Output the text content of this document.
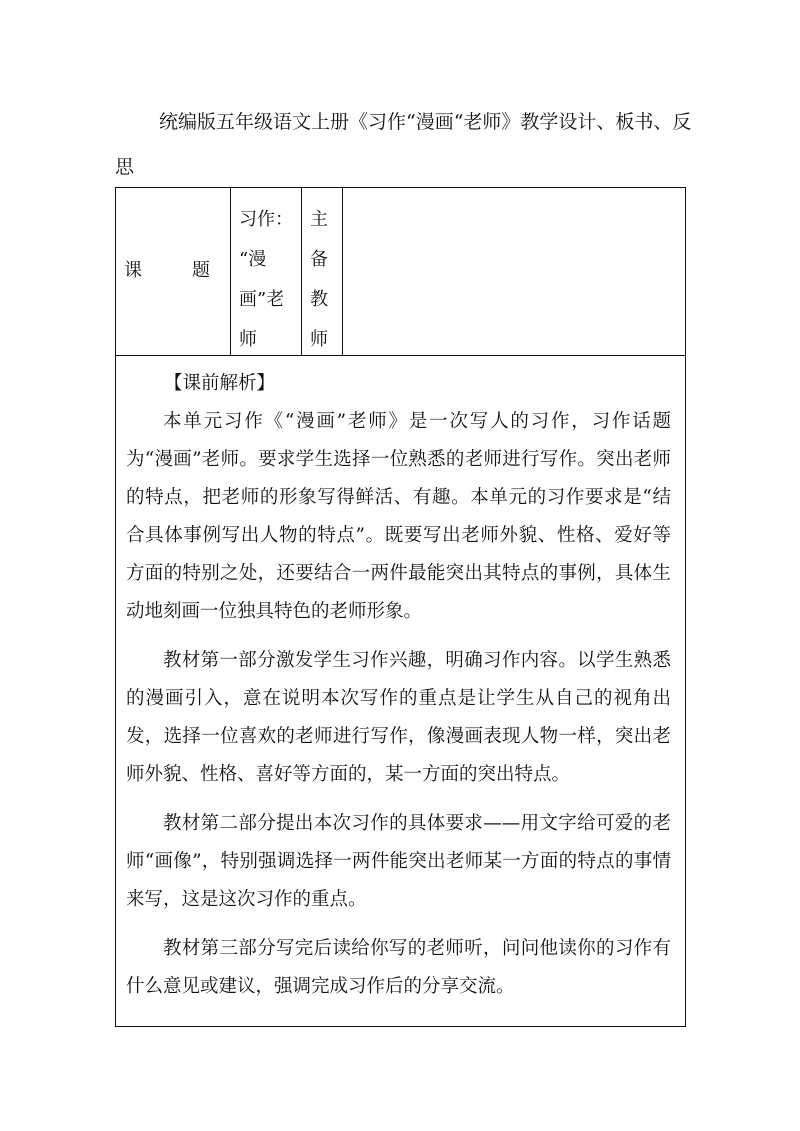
统编版五年级语文上册《习作“漫画“老师》教学设计、板书、反思
课	题
习作：
“漫
画”老
师
主
备
教
师

【课前解析】

本单元习作《“漫画”老师》是一次写人的习作，习作话题为“漫画”老师。要求学生选择一位熟悉的老师进行写作。突出老师的特点，把老师的形象写得鲜活、有趣。本单元的习作要求是“结合具体事例写出人物的特点”。既要写出老师外貌、性格、爱好等方面的特别之处，还要结合一两件最能突出其特点的事例，具体生动地刻画一位独具特色的老师形象。

教材第一部分激发学生习作兴趣，明确习作内容。以学生熟悉的漫画引入，意在说明本次写作的重点是让学生从自己的视角出发，选择一位喜欢的老师进行写作，像漫画表现人物一样，突出老师外貌、性格、喜好等方面的，某一方面的突出特点。

教材第二部分提出本次习作的具体要求——用文字给可爱的老师“画像”，特别强调选择一两件能突出老师某一方面的特点的事情来写，这是这次习作的重点。

教材第三部分写完后读给你写的老师听，问问他读你的习作有什么意见或建议，强调完成习作后的分享交流。
